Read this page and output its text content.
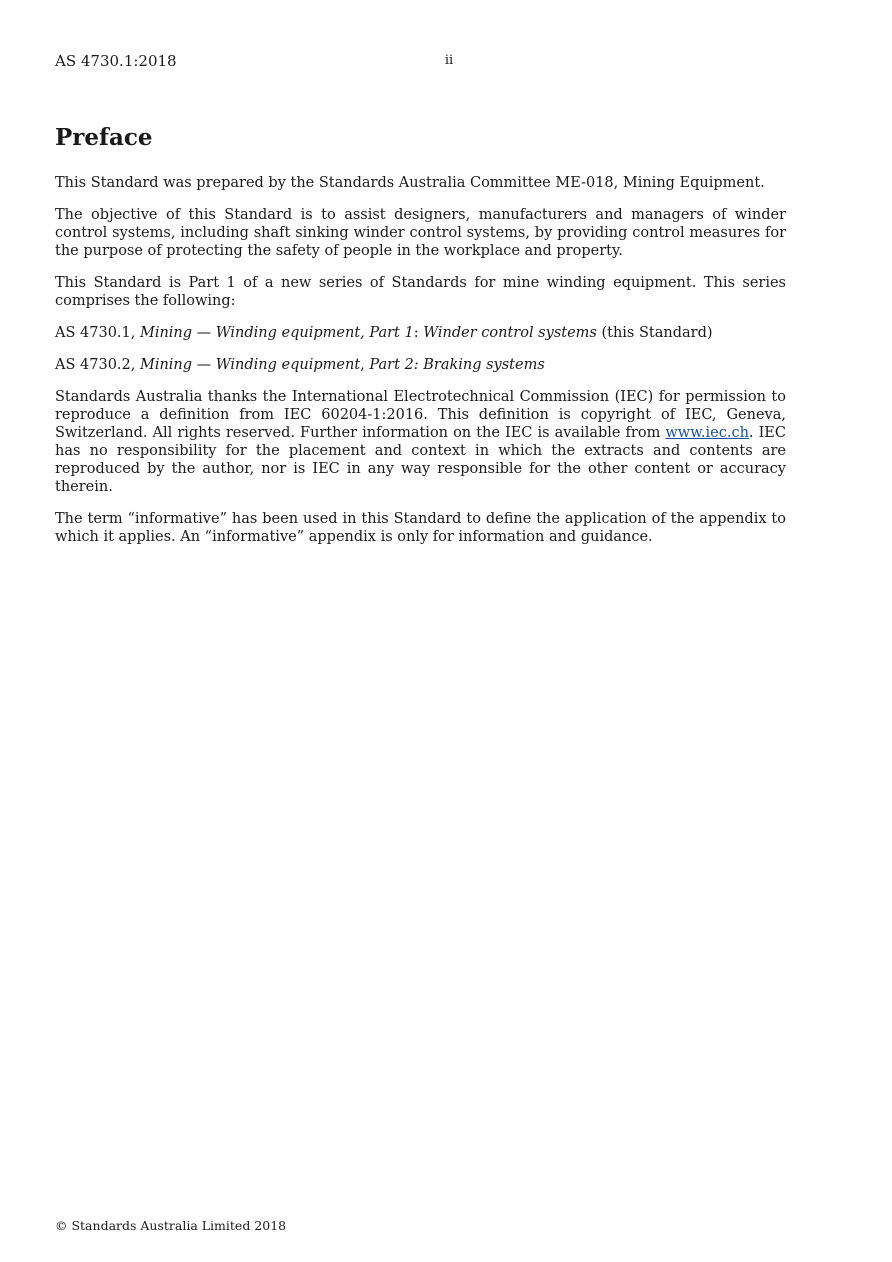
AS 4730.1:2018	ii
Preface

This Standard was prepared by the Standards Australia Committee ME-018, Mining Equipment.

The objective of this Standard is to assist designers, manufacturers and managers of winder control systems, including shaft sinking winder control systems, by providing control measures for the purpose of protecting the safety of people in the workplace and property.

This Standard is Part 1 of a new series of Standards for mine winding equipment. This series comprises the following:

AS 4730.1, Mining — Winding equipment, Part 1: Winder control systems (this Standard)

AS 4730.2, Mining — Winding equipment, Part 2: Braking systems

Standards Australia thanks the International Electrotechnical Commission (IEC) for permission to reproduce a definition from IEC 60204-1:2016. This definition is copyright of IEC, Geneva, Switzerland. All rights reserved. Further information on the IEC is available from www.iec.ch. IEC has no responsibility for the placement and context in which the extracts and contents are reproduced by the author, nor is IEC in any way responsible for the other content or accuracy therein.

The term “informative” has been used in this Standard to define the application of the appendix to which it applies. An “informative” appendix is only for information and guidance.

© Standards Australia Limited 2018
